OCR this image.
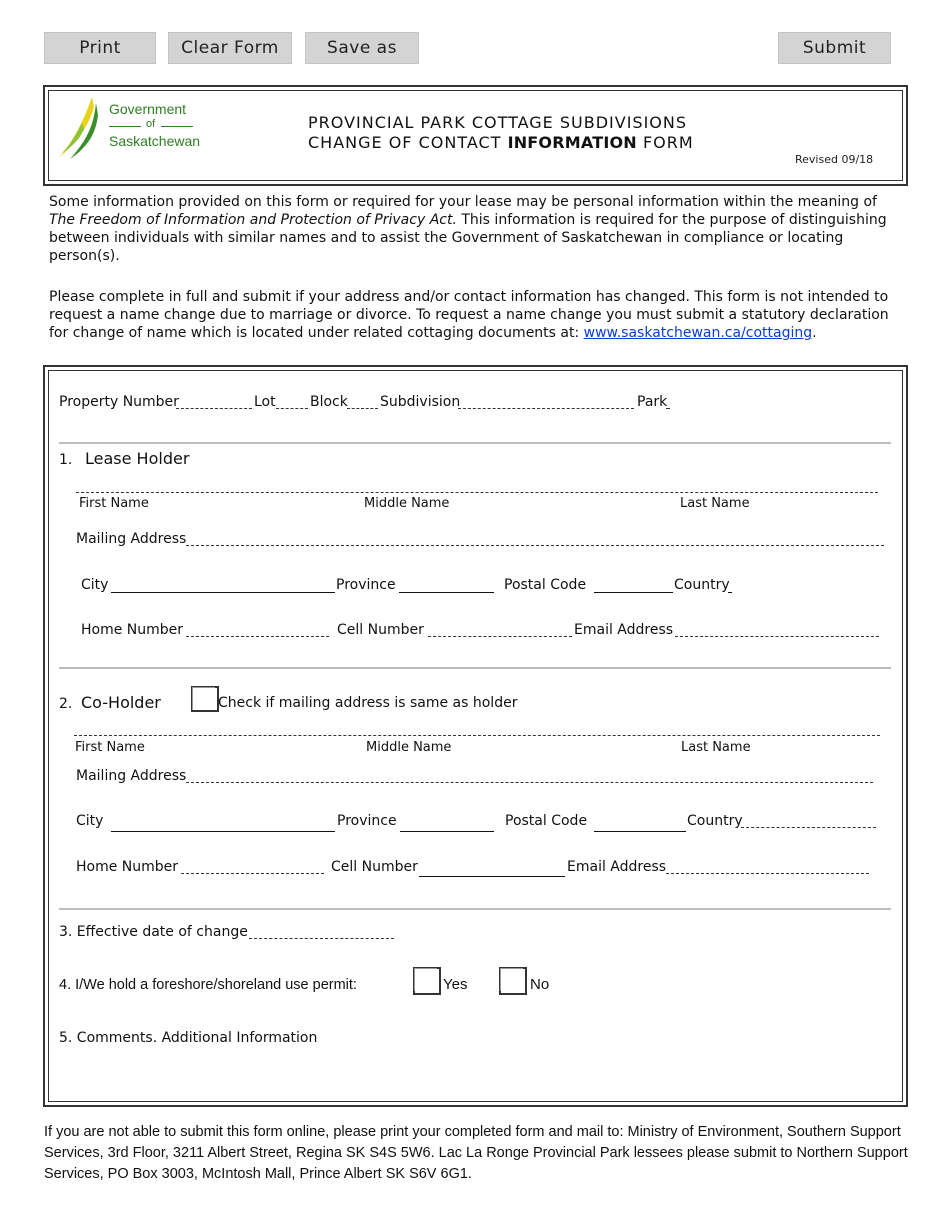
Print	Clear Form	Save as	Submit
Government
of
Saskatchewan
PROVINCIAL PARK COTTAGE SUBDIVISIONS
CHANGE OF CONTACT INFORMATION FORM
Revised 09/18
Some information provided on this form or required for your lease may be personal information within the meaning of
The Freedom of Information and Protection of Privacy Act. This information is required for the purpose of distinguishing between individuals with similar names and to assist the Government of Saskatchewan in compliance or locating person(s).
Please complete in full and submit if your address and/or contact information has changed. This form is not intended to request a name change due to marriage or divorce. To request a name change you must submit a statutory declaration for change of name which is located under related cottaging documents at: www.saskatchewan.ca/cottaging.
Property Number	Lot Block Subdivision	Park
1. Lease Holder
First Name	Middle Name	Last Name
Mailing Address
City	Province	Postal Code	Country
Home Number	Cell Number	Email Address
2. Co-Holder	Check if mailing address is same as holder
First Name	Middle Name	Last Name
Mailing Address
City	Province	Postal Code	Country
Home Number	Cell Number	Email Address
3. Effective date of change
4. I/We hold a foreshore/shoreland use permit:	Yes	No
5. Comments. Additional Information
If you are not able to submit this form online, please print your completed form and mail to: Ministry of Environment, Southern Support Services, 3rd Floor, 3211 Albert Street, Regina SK S4S 5W6. Lac La Ronge Provincial Park lessees please submit to Northern Support Services, PO Box 3003, McIntosh Mall, Prince Albert SK S6V 6G1.
